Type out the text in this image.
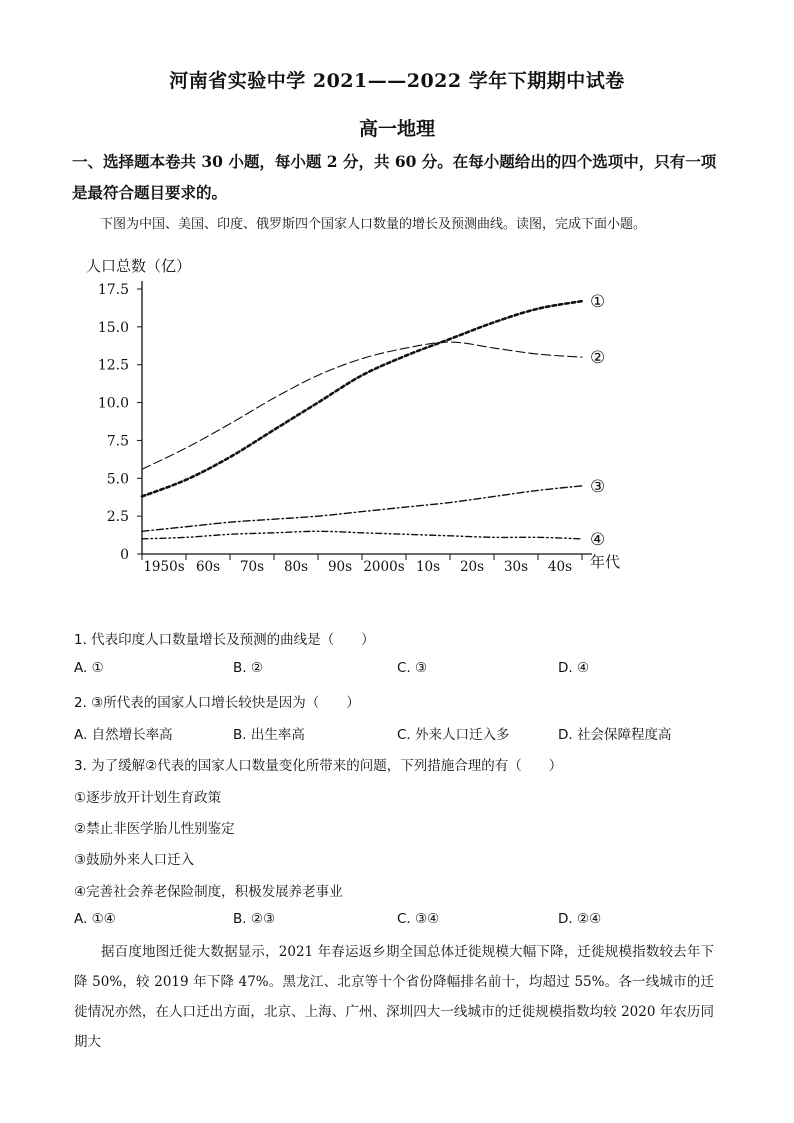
河南省实验中学 2021——2022 学年下期期中试卷
高一地理
一、选择题本卷共 30 小题，每小题 2 分，共 60 分。在每小题给出的四个选项中，只有一项是最符合题目要求的。
下图为中国、美国、印度、俄罗斯四个国家人口数量的增长及预测曲线。读图，完成下面小题。
人口总数（亿）
年代
17.5
15.0
12.5
10.0
7.5
5.0
2.5
0
1950s 60s 70s 80s 90s 2000s 10s 20s 30s 40s
①
②
③
④
1. 代表印度人口数量增长及预测的曲线是（　　）
A. ①	B. ②	C. ③	D. ④
2. ③所代表的国家人口增长较快是因为（　　）
A. 自然增长率高	B. 出生率高	C. 外来人口迁入多	D. 社会保障程度高
3. 为了缓解②代表的国家人口数量变化所带来的问题，下列措施合理的有（　　）
①逐步放开计划生育政策
②禁止非医学胎儿性别鉴定
③鼓励外来人口迁入
④完善社会养老保险制度，积极发展养老事业
A. ①④	B. ②③	C. ③④	D. ②④
据百度地图迁徙大数据显示，2021 年春运返乡期全国总体迁徙规模大幅下降，迁徙规模指数较去年下降 50%，较 2019 年下降 47%。黑龙江、北京等十个省份降幅排名前十，均超过 55%。各一线城市的迁徙情况亦然，在人口迁出方面，北京、上海、广州、深圳四大一线城市的迁徙规模指数均较 2020 年农历同期大
